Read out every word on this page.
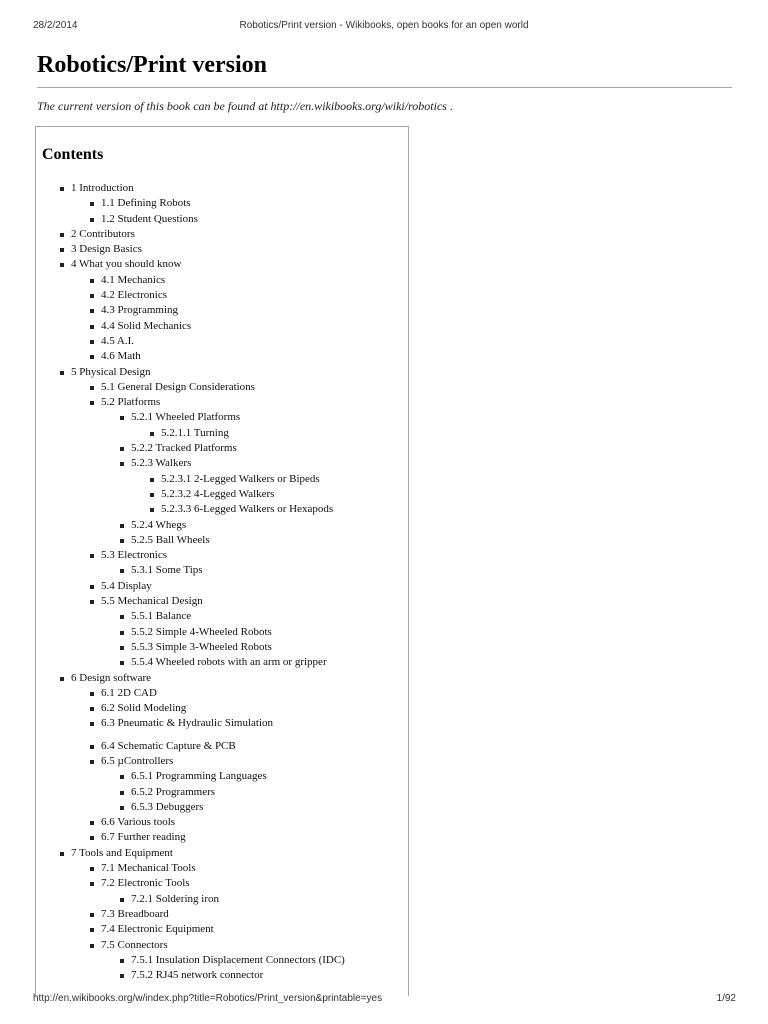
28/2/2014	Robotics/Print version - Wikibooks, open books for an open world
Robotics/Print version
The current version of this book can be found at http://en.wikibooks.org/wiki/robotics .
Contents
1 Introduction
1.1 Defining Robots
1.2 Student Questions
2 Contributors
3 Design Basics
4 What you should know
4.1 Mechanics
4.2 Electronics
4.3 Programming
4.4 Solid Mechanics
4.5 A.I.
4.6 Math
5 Physical Design
5.1 General Design Considerations
5.2 Platforms
5.2.1 Wheeled Platforms
5.2.1.1 Turning
5.2.2 Tracked Platforms
5.2.3 Walkers
5.2.3.1 2-Legged Walkers or Bipeds
5.2.3.2 4-Legged Walkers
5.2.3.3 6-Legged Walkers or Hexapods
5.2.4 Whegs
5.2.5 Ball Wheels
5.3 Electronics
5.3.1 Some Tips
5.4 Display
5.5 Mechanical Design
5.5.1 Balance
5.5.2 Simple 4-Wheeled Robots
5.5.3 Simple 3-Wheeled Robots
5.5.4 Wheeled robots with an arm or gripper
6 Design software
6.1 2D CAD
6.2 Solid Modeling
6.3 Pneumatic & Hydraulic Simulation
6.4 Schematic Capture & PCB
6.5 µControllers
6.5.1 Programming Languages
6.5.2 Programmers
6.5.3 Debuggers
6.6 Various tools
6.7 Further reading
7 Tools and Equipment
7.1 Mechanical Tools
7.2 Electronic Tools
7.2.1 Soldering iron
7.3 Breadboard
7.4 Electronic Equipment
7.5 Connectors
7.5.1 Insulation Displacement Connectors (IDC)
7.5.2 RJ45 network connector
http://en.wikibooks.org/w/index.php?title=Robotics/Print_version&printable=yes	1/92
